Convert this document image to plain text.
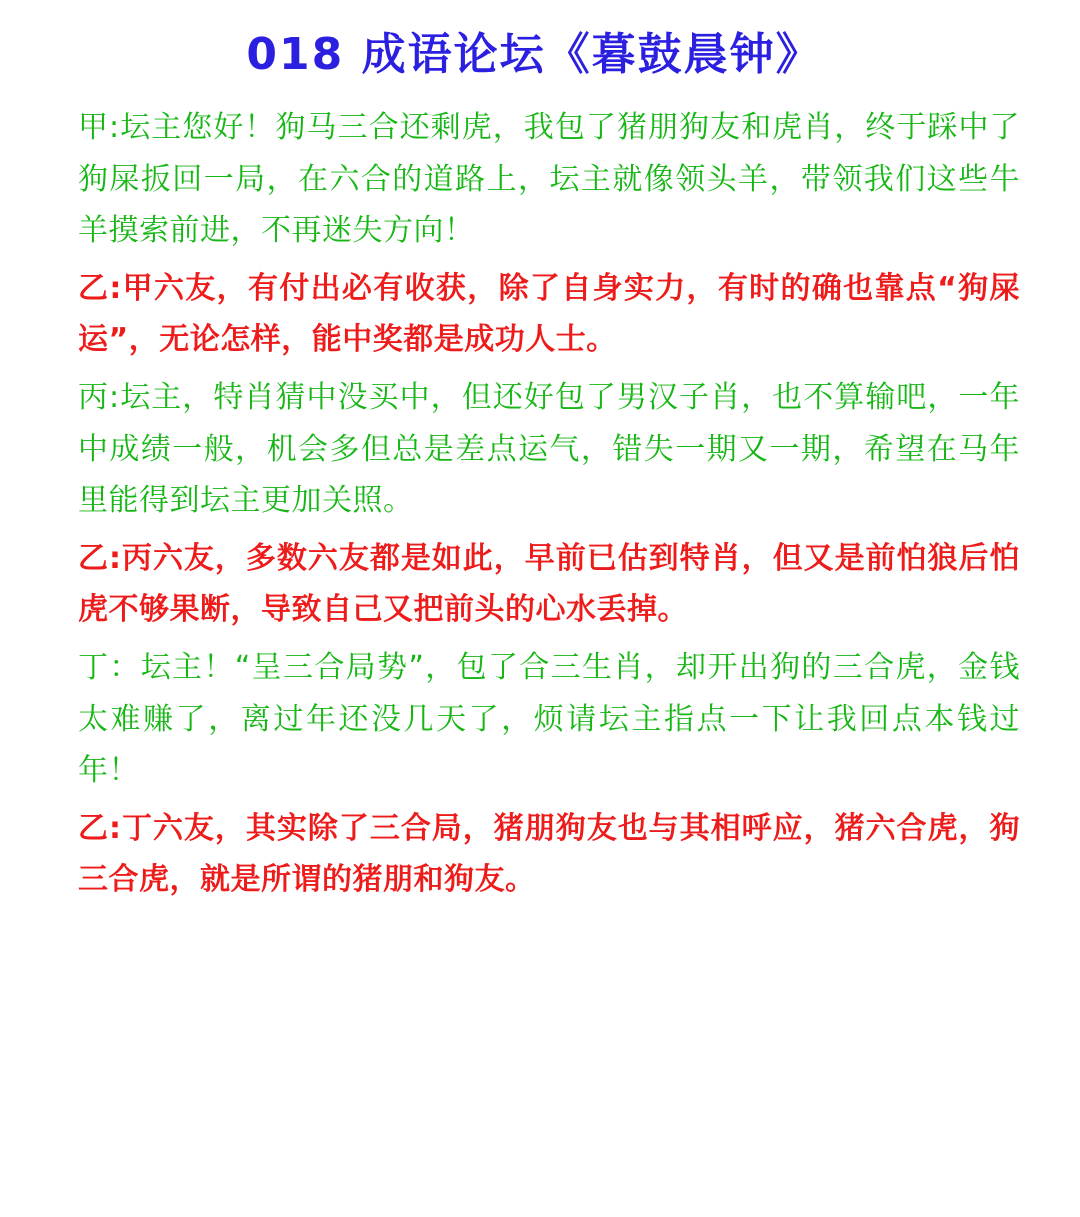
018 成语论坛《暮鼓晨钟》

甲:坛主您好！狗马三合还剩虎，我包了猪朋狗友和虎肖，终于踩中了狗屎扳回一局，在六合的道路上，坛主就像领头羊，带领我们这些牛羊摸索前进，不再迷失方向！

乙:甲六友，有付出必有收获，除了自身实力，有时的确也靠点“狗屎运”，无论怎样，能中奖都是成功人士。

丙:坛主，特肖猜中没买中，但还好包了男汉子肖，也不算输吧，一年中成绩一般，机会多但总是差点运气，错失一期又一期，希望在马年里能得到坛主更加关照。

乙:丙六友，多数六友都是如此，早前已估到特肖，但又是前怕狼后怕虎不够果断，导致自己又把前头的心水丢掉。

丁：坛主！“呈三合局势”，包了合三生肖，却开出狗的三合虎，金钱太难赚了，离过年还没几天了，烦请坛主指点一下让我回点本钱过年！

乙:丁六友，其实除了三合局，猪朋狗友也与其相呼应，猪六合虎，狗三合虎，就是所谓的猪朋和狗友。
